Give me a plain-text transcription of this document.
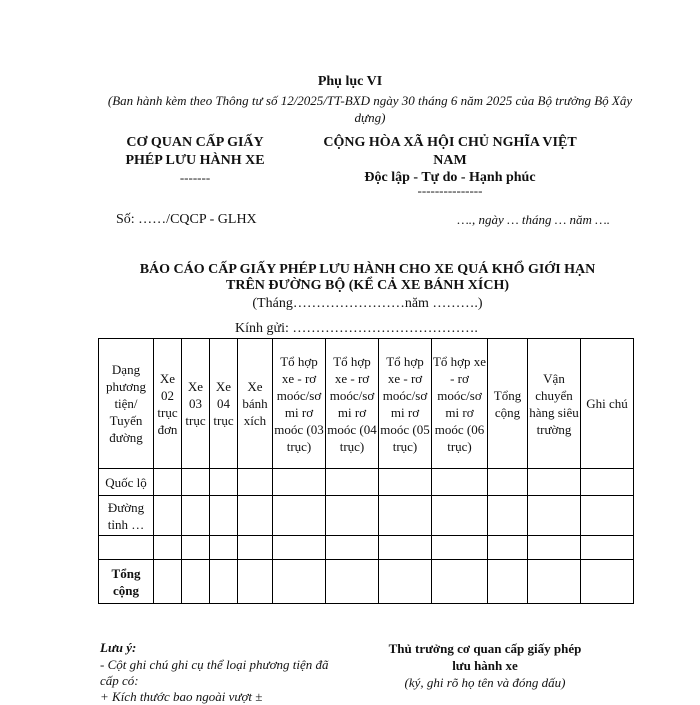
Phụ lục VI
(Ban hành kèm theo Thông tư số 12/2025/TT-BXD ngày 30 tháng 6 năm 2025 của Bộ trưởng Bộ Xây dựng)
CƠ QUAN CẤP GIẤY
PHÉP LƯU HÀNH XE
-------
CỘNG HÒA XÃ HỘI CHỦ NGHĨA VIỆT
NAM
Độc lập - Tự do - Hạnh phúc
---------------
Số: ……/CQCP - GLHX	…., ngày … tháng … năm ….
BÁO CÁO CẤP GIẤY PHÉP LƯU HÀNH CHO XE QUÁ KHỔ GIỚI HẠN
TRÊN ĐƯỜNG BỘ (KỂ CẢ XE BÁNH XÍCH)
(Tháng……………………năm ……….)
Kính gửi: ………………………………….
Dạng phương tiện/ Tuyến đường	Xe 02 trục đơn	Xe 03 trục	Xe 04 trục	Xe bánh xích	Tổ hợp xe - rơ moóc/sơ mi rơ moóc (03 trục)	Tổ hợp xe - rơ moóc/sơ mi rơ moóc (04 trục)	Tổ hợp xe - rơ moóc/sơ mi rơ moóc (05 trục)	Tổ hợp xe - rơ moóc/sơ mi rơ moóc (06 trục)	Tổng cộng	Vận chuyển hàng siêu trường	Ghi chú
Quốc lộ											
Đường tỉnh …											

Tổng cộng											
Lưu ý:
- Cột ghi chú ghi cụ thể loại phương tiện đã cấp có:
+ Kích thước bao ngoài vượt ±
Thủ trưởng cơ quan cấp giấy phép
lưu hành xe
(ký, ghi rõ họ tên và đóng dấu)
